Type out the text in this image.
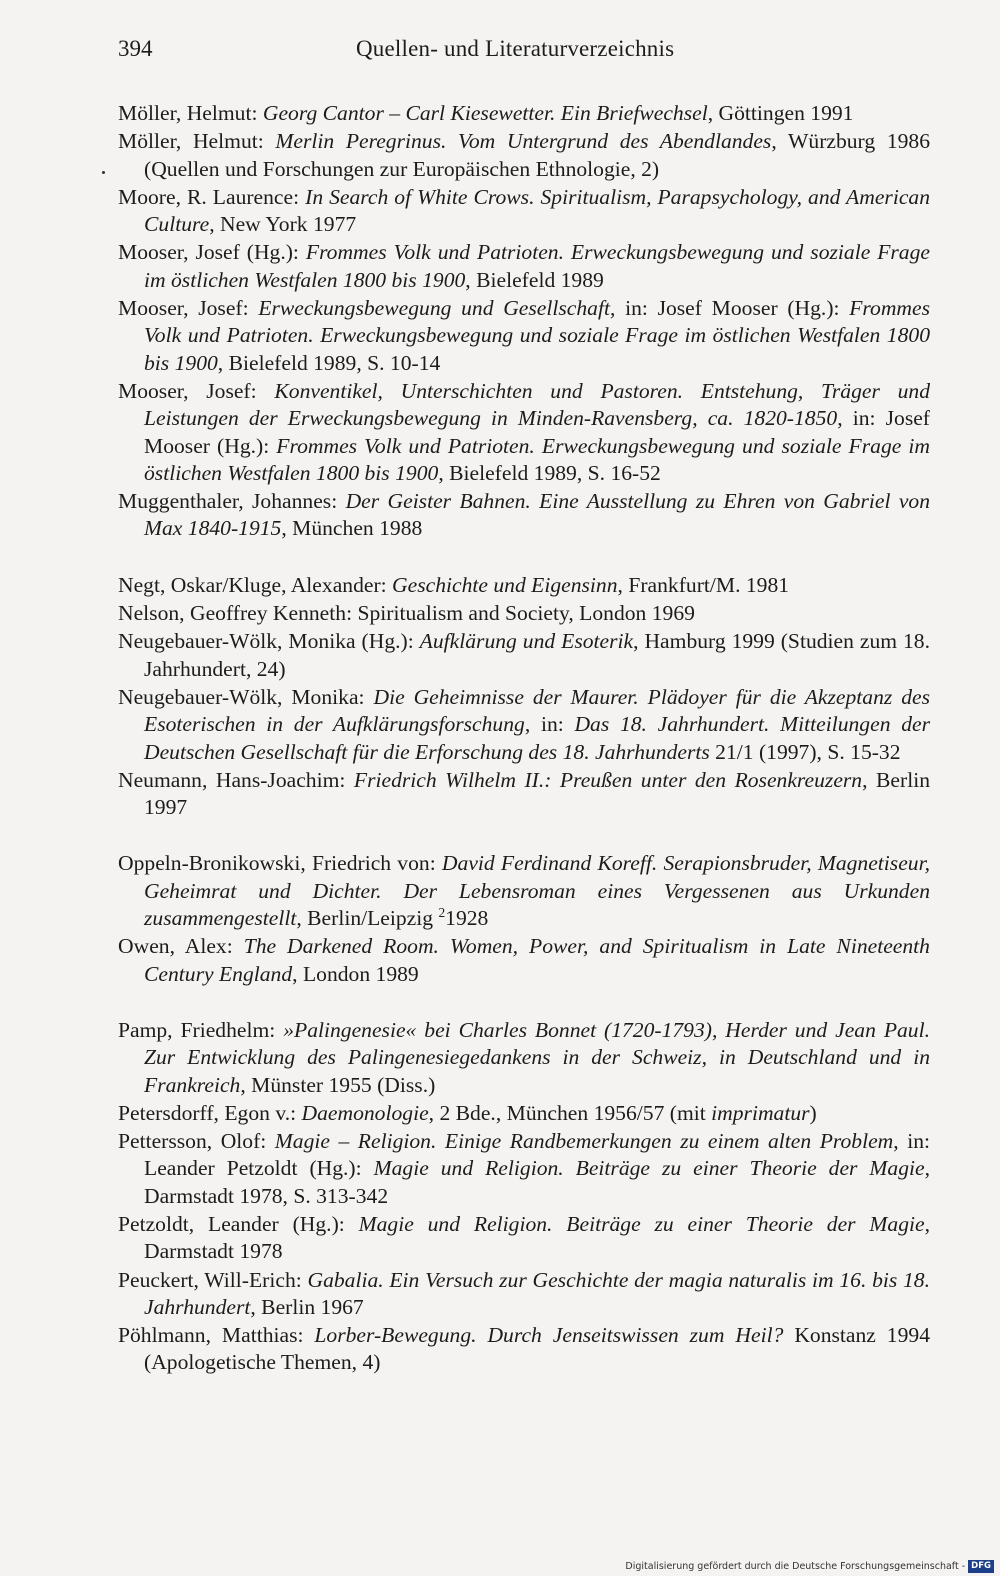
394	Quellen- und Literaturverzeichnis

Möller, Helmut: Georg Cantor – Carl Kiesewetter. Ein Briefwechsel, Göttingen 1991

Möller, Helmut: Merlin Peregrinus. Vom Untergrund des Abendlandes, Würzburg 1986 (Quellen und Forschungen zur Europäischen Ethnologie, 2)

Moore, R. Laurence: In Search of White Crows. Spiritualism, Parapsychology, and American Culture, New York 1977

Mooser, Josef (Hg.): Frommes Volk und Patrioten. Erweckungsbewegung und soziale Frage im östlichen Westfalen 1800 bis 1900, Bielefeld 1989

Mooser, Josef: Erweckungsbewegung und Gesellschaft, in: Josef Mooser (Hg.): Frommes Volk und Patrioten. Erweckungsbewegung und soziale Frage im östlichen Westfalen 1800 bis 1900, Bielefeld 1989, S. 10-14

Mooser, Josef: Konventikel, Unterschichten und Pastoren. Entstehung, Träger und Leistungen der Erweckungsbewegung in Minden-Ravensberg, ca. 1820-1850, in: Josef Mooser (Hg.): Frommes Volk und Patrioten. Erweckungsbewegung und soziale Frage im östlichen Westfalen 1800 bis 1900, Bielefeld 1989, S. 16-52

Muggenthaler, Johannes: Der Geister Bahnen. Eine Ausstellung zu Ehren von Gabriel von Max 1840-1915, München 1988

Negt, Oskar/Kluge, Alexander: Geschichte und Eigensinn, Frankfurt/M. 1981

Nelson, Geoffrey Kenneth: Spiritualism and Society, London 1969

Neugebauer-Wölk, Monika (Hg.): Aufklärung und Esoterik, Hamburg 1999 (Studien zum 18. Jahrhundert, 24)

Neugebauer-Wölk, Monika: Die Geheimnisse der Maurer. Plädoyer für die Akzeptanz des Esoterischen in der Aufklärungsforschung, in: Das 18. Jahrhundert. Mitteilungen der Deutschen Gesellschaft für die Erforschung des 18. Jahrhunderts 21/1 (1997), S. 15-32

Neumann, Hans-Joachim: Friedrich Wilhelm II.: Preußen unter den Rosenkreuzern, Berlin 1997

Oppeln-Bronikowski, Friedrich von: David Ferdinand Koreff. Serapionsbruder, Magnetiseur, Geheimrat und Dichter. Der Lebensroman eines Vergessenen aus Urkunden zusammengestellt, Berlin/Leipzig $^2$1928

Owen, Alex: The Darkened Room. Women, Power, and Spiritualism in Late Nineteenth Century England, London 1989

Pamp, Friedhelm: »Palingenesie« bei Charles Bonnet (1720-1793), Herder und Jean Paul. Zur Entwicklung des Palingenesiegedankens in der Schweiz, in Deutschland und in Frankreich, Münster 1955 (Diss.)

Petersdorff, Egon v.: Daemonologie, 2 Bde., München 1956/57 (mit imprimatur)

Pettersson, Olof: Magie – Religion. Einige Randbemerkungen zu einem alten Problem, in: Leander Petzoldt (Hg.): Magie und Religion. Beiträge zu einer Theorie der Magie, Darmstadt 1978, S. 313-342

Petzoldt, Leander (Hg.): Magie und Religion. Beiträge zu einer Theorie der Magie, Darmstadt 1978

Peuckert, Will-Erich: Gabalia. Ein Versuch zur Geschichte der magia naturalis im 16. bis 18. Jahrhundert, Berlin 1967

Pöhlmann, Matthias: Lorber-Bewegung. Durch Jenseitswissen zum Heil? Konstanz 1994 (Apologetische Themen, 4)

Digitalisierung gefördert durch die Deutsche Forschungsgemeinschaft - DFG
